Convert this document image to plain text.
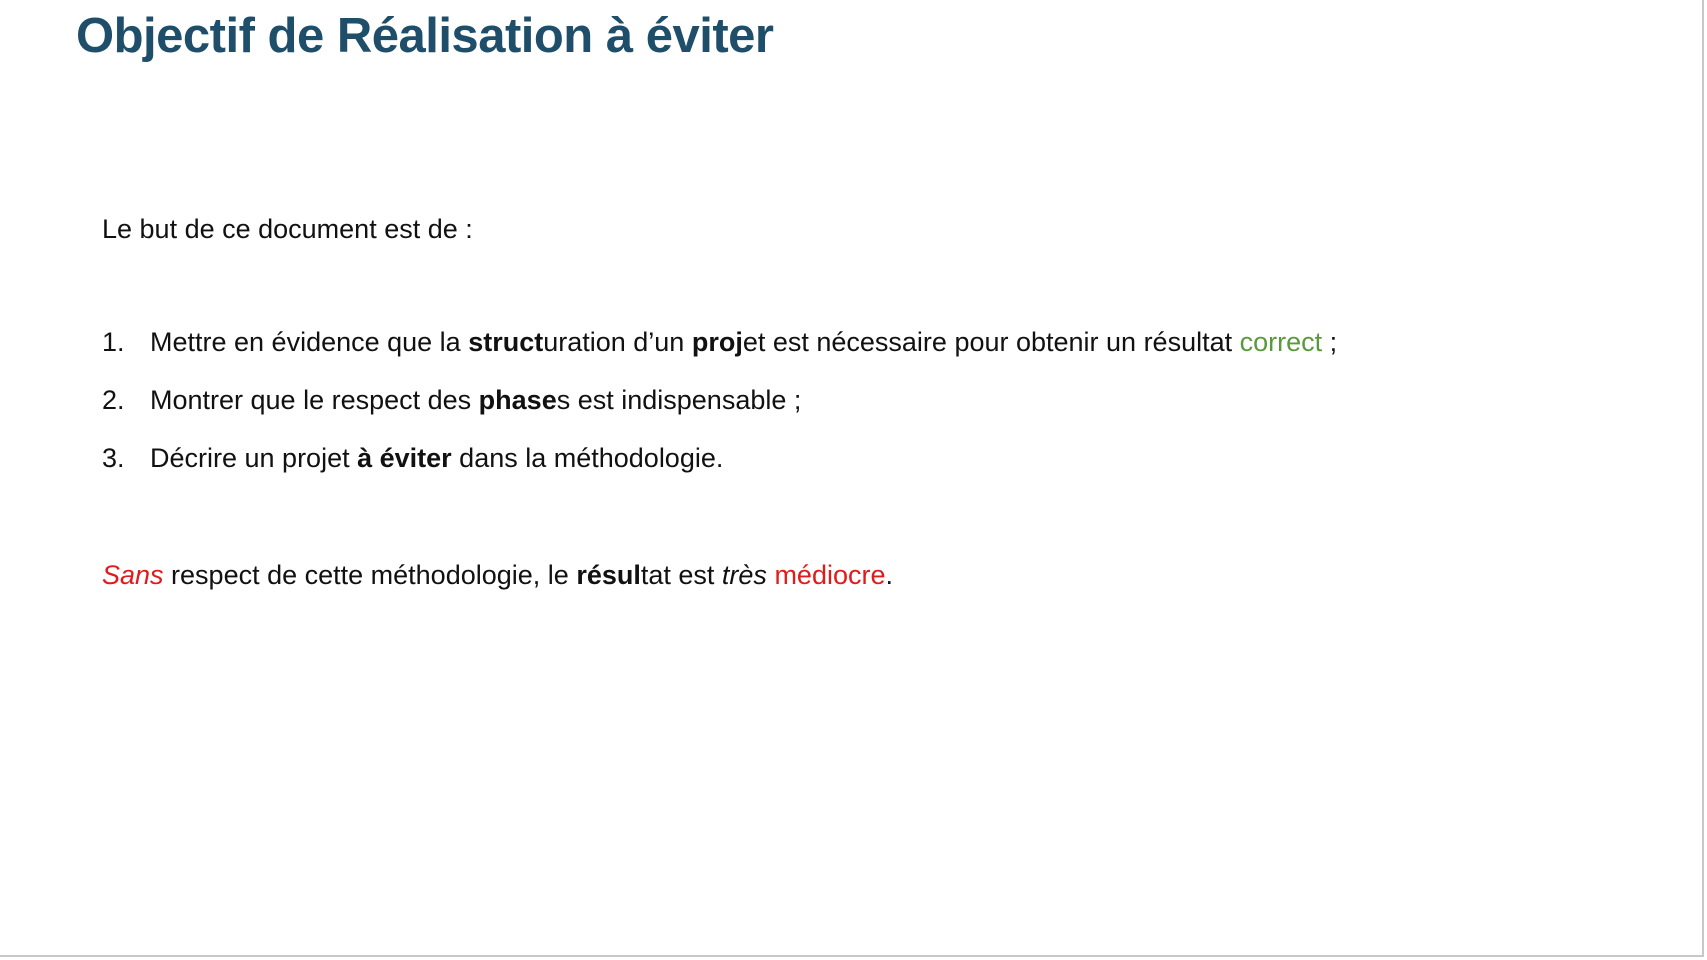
Objectif de Réalisation à éviter

Le but de ce document est de :

1. Mettre en évidence que la structuration d’un projet est nécessaire pour obtenir un résultat correct ;
2. Montrer que le respect des phases est indispensable ;
3. Décrire un projet à éviter dans la méthodologie.

Sans respect de cette méthodologie, le résultat est très médiocre.
